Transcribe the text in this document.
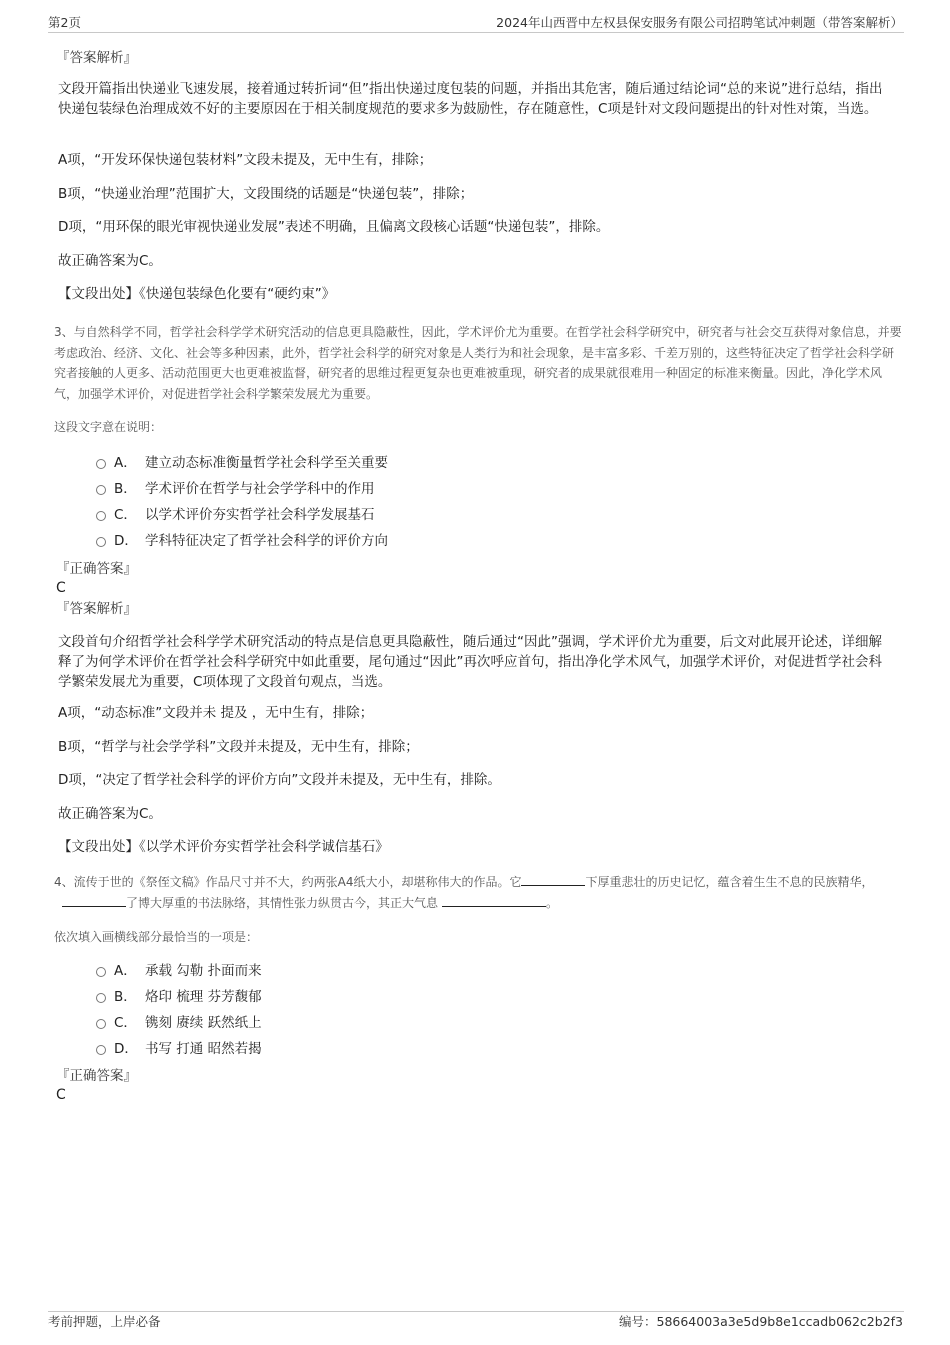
第2页	2024年山西晋中左权县保安服务有限公司招聘笔试冲刺题（带答案解析）
『答案解析』
文段开篇指出快递业飞速发展，接着通过转折词“但”指出快递过度包装的问题，并指出其危害，随后通过结论词“总的来说”进行总结，指出快递包装绿色治理成效不好的主要原因在于相关制度规范的要求多为鼓励性，存在随意性，C项是针对文段问题提出的针对性对策，当选。
A项，“开发环保快递包装材料”文段未提及，无中生有，排除；
B项，“快递业治理”范围扩大，文段围绕的话题是“快递包装”，排除；
D项，“用环保的眼光审视快递业发展”表述不明确，且偏离文段核心话题“快递包装”，排除。
故正确答案为C。
【文段出处】《快递包装绿色化要有“硬约束”》
3、与自然科学不同，哲学社会科学学术研究活动的信息更具隐蔽性，因此，学术评价尤为重要。在哲学社会科学研究中，研究者与社会交互获得对象信息，并要考虑政治、经济、文化、社会等多种因素，此外，哲学社会科学的研究对象是人类行为和社会现象，是丰富多彩、千差万别的，这些特征决定了哲学社会科学研究者接触的人更多、活动范围更大也更难被监督，研究者的思维过程更复杂也更难被重现，研究者的成果就很难用一种固定的标准来衡量。因此，净化学术风气，加强学术评价，对促进哲学社会科学繁荣发展尤为重要。
这段文字意在说明：
A． 建立动态标准衡量哲学社会科学至关重要
B． 学术评价在哲学与社会学学科中的作用
C． 以学术评价夯实哲学社会科学发展基石
D． 学科特征决定了哲学社会科学的评价方向
『正确答案』
C
『答案解析』
文段首句介绍哲学社会科学学术研究活动的特点是信息更具隐蔽性，随后通过“因此”强调，学术评价尤为重要，后文对此展开论述，详细解释了为何学术评价在哲学社会科学研究中如此重要，尾句通过“因此”再次呼应首句，指出净化学术风气，加强学术评价，对促进哲学社会科学繁荣发展尤为重要，C项体现了文段首句观点，当选。
A项，“动态标准”文段并未 提及 ，无中生有，排除；
B项，“哲学与社会学学科”文段并未提及，无中生有，排除；
D项，“决定了哲学社会科学的评价方向”文段并未提及，无中生有，排除。
故正确答案为C。
【文段出处】《以学术评价夯实哲学社会科学诚信基石》
4、流传于世的《祭侄文稿》作品尺寸并不大，约两张A4纸大小，却堪称伟大的作品。它	下厚重悲壮的历史记忆，蕴含着生生不息的民族精华，了博大厚重的书法脉络，其情性张力纵贯古今，其正大气息	。
依次填入画横线部分最恰当的一项是：
A． 承载 勾勒 扑面而来
B． 烙印 梳理 芬芳馥郁
C． 镌刻 赓续 跃然纸上
D． 书写 打通 昭然若揭
『正确答案』
C
考前押题，上岸必备	编号：58664003a3e5d9b8e1ccadb062c2b2f3
